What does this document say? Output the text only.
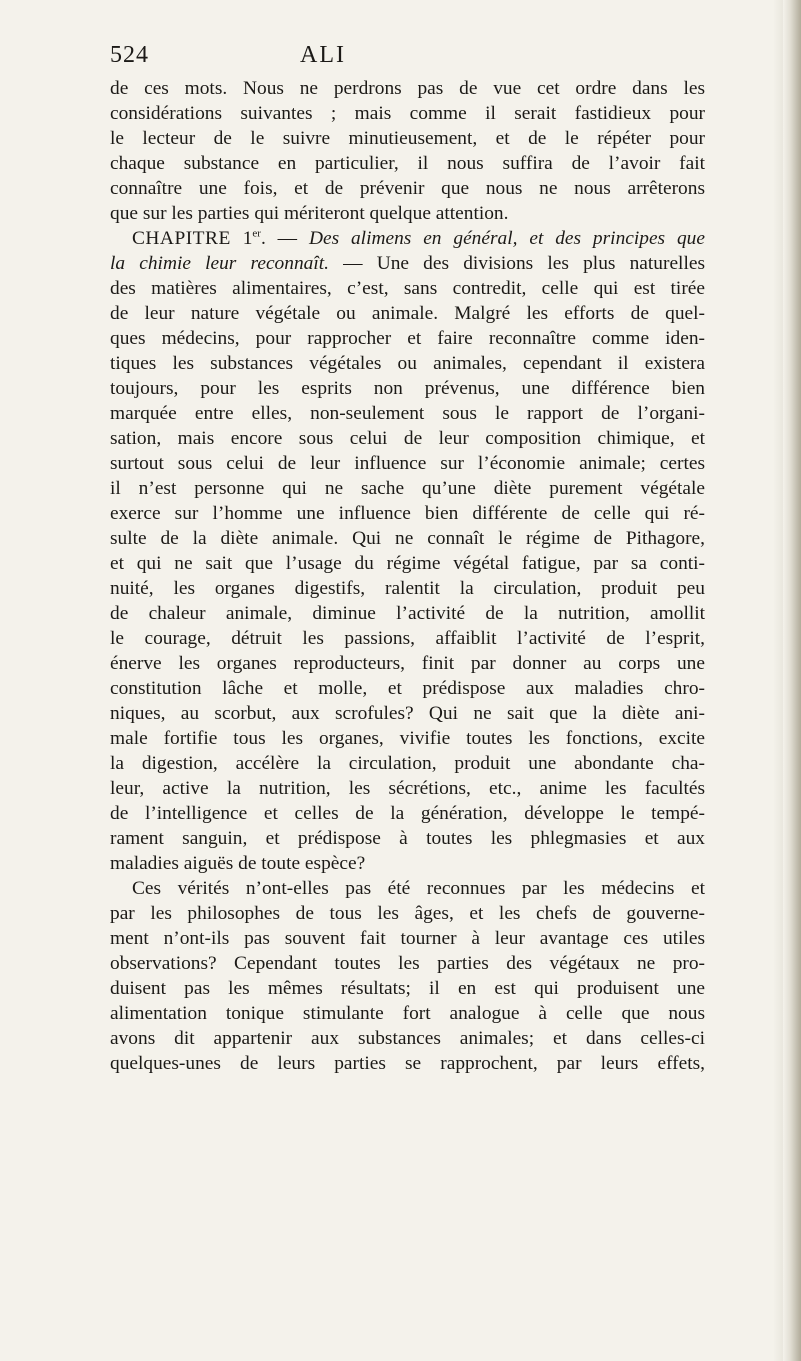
524	ALI
de ces mots. Nous ne perdrons pas de vue cet ordre dans les
considérations suivantes ; mais comme il serait fastidieux pour
le lecteur de le suivre minutieusement, et de le répéter pour
chaque substance en particulier, il nous suffira de l’avoir fait
connaître une fois, et de prévenir que nous ne nous arrêterons
que sur les parties qui mériteront quelque attention.
CHAPITRE 1er. — Des alimens en général, et des principes que
la chimie leur reconnaît. — Une des divisions les plus naturelles
des matières alimentaires, c’est, sans contredit, celle qui est tirée
de leur nature végétale ou animale. Malgré les efforts de quel-
ques médecins, pour rapprocher et faire reconnaître comme iden-
tiques les substances végétales ou animales, cependant il existera
toujours, pour les esprits non prévenus, une différence bien
marquée entre elles, non-seulement sous le rapport de l’organi-
sation, mais encore sous celui de leur composition chimique, et
surtout sous celui de leur influence sur l’économie animale; certes
il n’est personne qui ne sache qu’une diète purement végétale
exerce sur l’homme une influence bien différente de celle qui ré-
sulte de la diète animale. Qui ne connaît le régime de Pithagore,
et qui ne sait que l’usage du régime végétal fatigue, par sa conti-
nuité, les organes digestifs, ralentit la circulation, produit peu
de chaleur animale, diminue l’activité de la nutrition, amollit
le courage, détruit les passions, affaiblit l’activité de l’esprit,
énerve les organes reproducteurs, finit par donner au corps une
constitution lâche et molle, et prédispose aux maladies chro-
niques, au scorbut, aux scrofules? Qui ne sait que la diète ani-
male fortifie tous les organes, vivifie toutes les fonctions, excite
la digestion, accélère la circulation, produit une abondante cha-
leur, active la nutrition, les sécrétions, etc., anime les facultés
de l’intelligence et celles de la génération, développe le tempé-
rament sanguin, et prédispose à toutes les phlegmasies et aux
maladies aiguës de toute espèce?
Ces vérités n’ont-elles pas été reconnues par les médecins et
par les philosophes de tous les âges, et les chefs de gouverne-
ment n’ont-ils pas souvent fait tourner à leur avantage ces utiles
observations? Cependant toutes les parties des végétaux ne pro-
duisent pas les mêmes résultats; il en est qui produisent une
alimentation tonique stimulante fort analogue à celle que nous
avons dit appartenir aux substances animales; et dans celles-ci
quelques-unes de leurs parties se rapprochent, par leurs effets,
